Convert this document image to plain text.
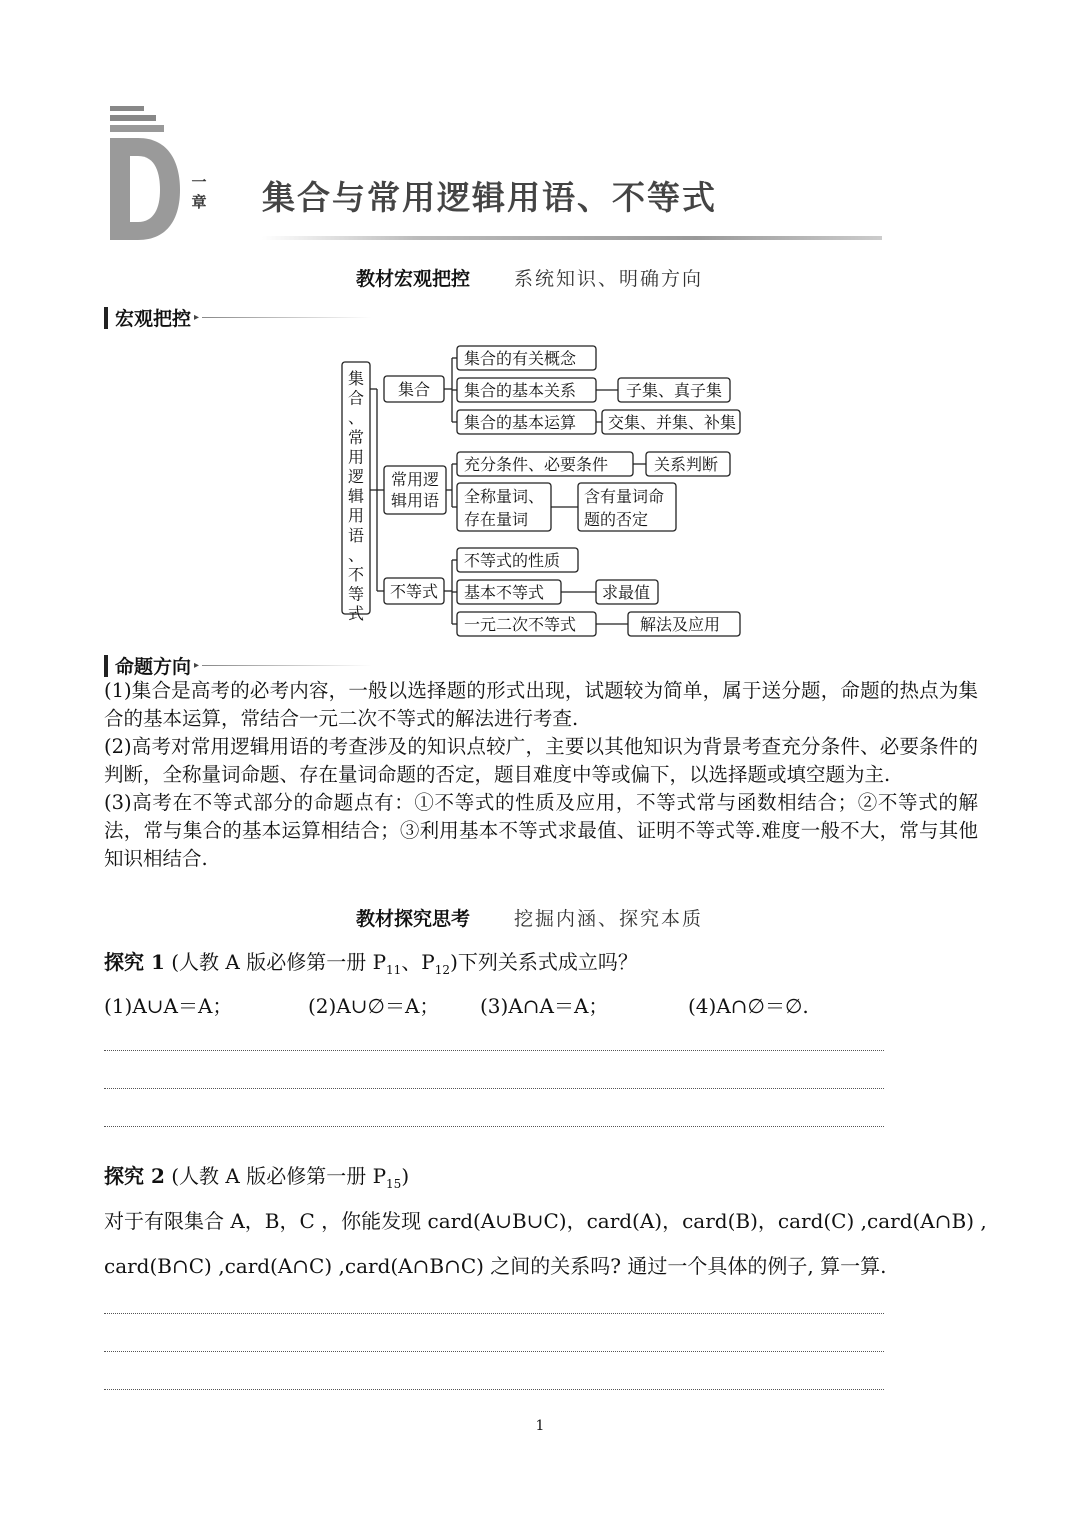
一
章 集合与常用逻辑用语、不等式
教材宏观把控 系统知识、明确方向
宏观把控 ▸
集合、常用逻辑用语、不等式
集合
常用逻
辑用语
不等式
集合的有关概念
集合的基本关系	子集、真子集
集合的基本运算 交集、并集、补集
充分条件、必要条件	关系判断
全称量词、
存在量词
含有量词命
题的否定
不等式的性质
基本不等式	求最值
一元二次不等式	解法及应用
命题方向 ▸

(1)集合是高考的必考内容，一般以选择题的形式出现，试题较为简单，属于送分题，命题的热点为集合的基本运算，常结合一元二次不等式的解法进行考查.

(2)高考对常用逻辑用语的考查涉及的知识点较广，主要以其他知识为背景考查充分条件、必要条件的判断，全称量词命题、存在量词命题的否定，题目难度中等或偏下，以选择题或填空题为主.

(3)高考在不等式部分的命题点有：①不等式的性质及应用，不等式常与函数相结合；②不等式的解法，常与集合的基本运算相结合；③利用基本不等式求最值、证明不等式等.难度一般不大，常与其他知识相结合.

教材探究思考 挖掘内涵、探究本质
探究 1 (人教 A 版必修第一册 $P_{11}$、$P_{12}$)下列关系式成立吗？
(1)A∪A＝A；	(2)A∪∅＝A； (3)A∩A＝A；	(4)A∩∅＝∅.
探究 2 (人教 A 版必修第一册 $P_{15}$)
对于有限集合 A，B，C ，你能发现 card(A∪B∪C)，card(A)，card(B)，card(C) ,card(A∩B) ,
card(B∩C) ,card(A∩C) ,card(A∩B∩C) 之间的关系吗? 通过一个具体的例子, 算一算.
1
